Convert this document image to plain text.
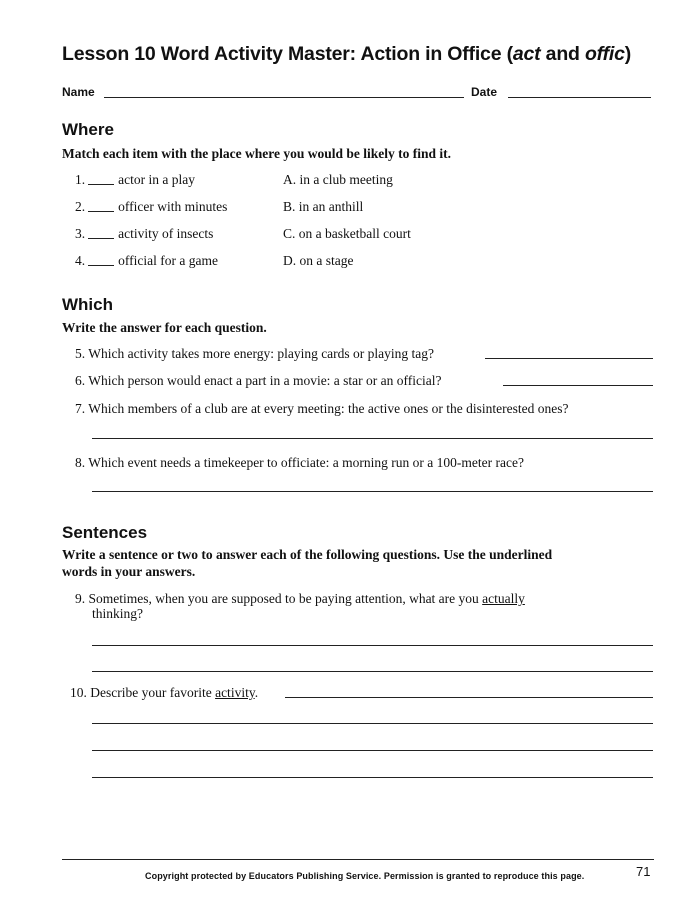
Lesson 10 Word Activity Master: Action in Office (act and offic)
Name	Date
Where
Match each item with the place where you would be likely to find it.
1. actor in a play	A. in a club meeting
2. officer with minutes	B. in an anthill
3. activity of insects	C. on a basketball court
4. official for a game	D. on a stage
Which
Write the answer for each question.
5. Which activity takes more energy: playing cards or playing tag?
6. Which person would enact a part in a movie: a star or an official?
7. Which members of a club are at every meeting: the active ones or the disinterested ones?
8. Which event needs a timekeeper to officiate: a morning run or a 100-meter race?
Sentences
Write a sentence or two to answer each of the following questions. Use the underlined
words in your answers.
9. Sometimes, when you are supposed to be paying attention, what are you actually
thinking?
10. Describe your favorite activity.
Copyright protected by Educators Publishing Service. Permission is granted to reproduce this page.	71
